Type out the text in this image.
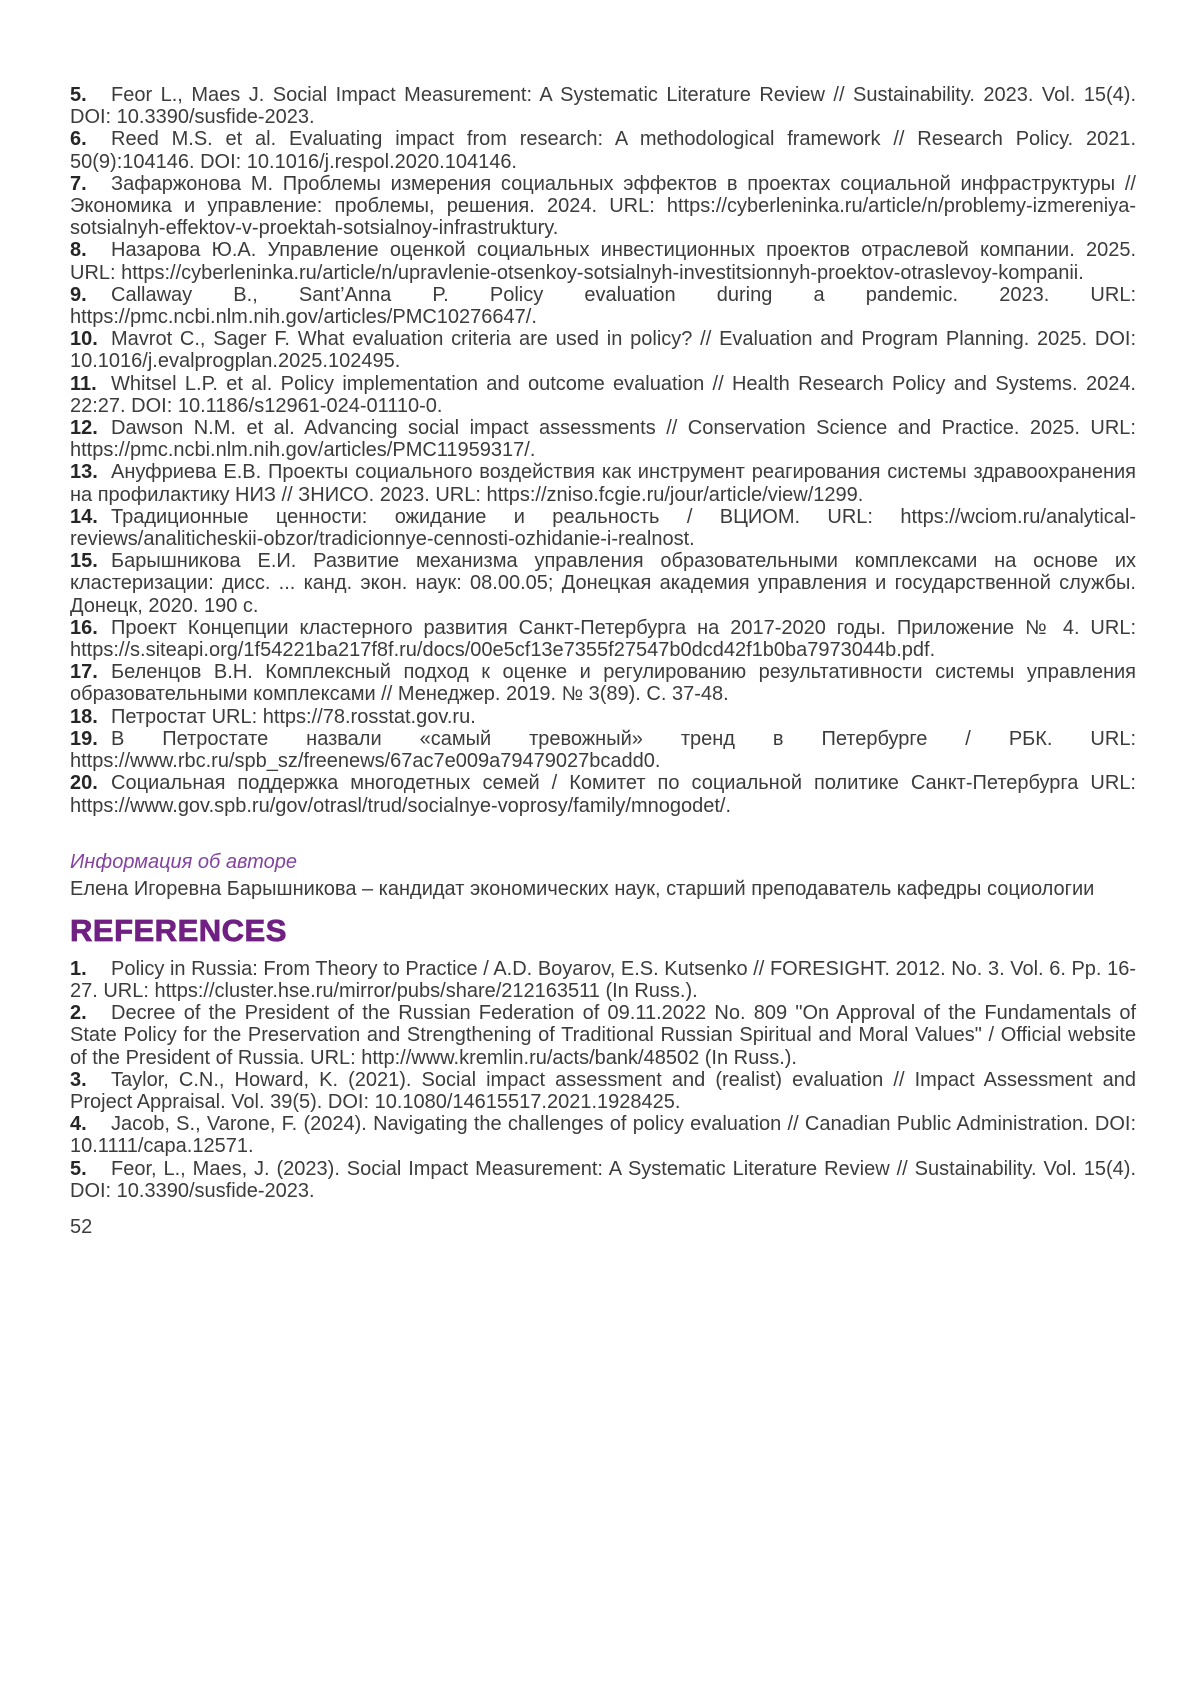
5. Feor L., Maes J. Social Impact Measurement: A Systematic Literature Review // Sustainability. 2023. Vol. 15(4). DOI: 10.3390/susfide-2023.

6. Reed M.S. et al. Evaluating impact from research: A methodological framework // Research Policy. 2021. 50(9):104146. DOI: 10.1016/j.respol.2020.104146.

7. Зафаржонова М. Проблемы измерения социальных эффектов в проектах социальной инфраструктуры // Экономика и управление: проблемы, решения. 2024. URL: https://cyberleninka.ru/article/n/problemy-izmereniya-sotsialnyh-effektov-v-proektah-sotsialnoy-infrastruktury.

8. Назарова Ю.А. Управление оценкой социальных инвестиционных проектов отраслевой компании. 2025. URL: https://cyberleninka.ru/article/n/upravlenie-otsenkoy-sotsialnyh-investitsionnyh-proektov-otraslevoy-kompanii.

9. Callaway B., Sant’Anna P. Policy evaluation during a pandemic. 2023. URL: https://pmc.ncbi.nlm.nih.gov/articles/PMC10276647/.

10. Mavrot C., Sager F. What evaluation criteria are used in policy? // Evaluation and Program Planning. 2025. DOI: 10.1016/j.evalprogplan.2025.102495.

11. Whitsel L.P. et al. Policy implementation and outcome evaluation // Health Research Policy and Systems. 2024. 22:27. DOI: 10.1186/s12961-024-01110-0.

12. Dawson N.M. et al. Advancing social impact assessments // Conservation Science and Practice. 2025. URL: https://pmc.ncbi.nlm.nih.gov/articles/PMC11959317/.

13. Ануфриева Е.В. Проекты социального воздействия как инструмент реагирования системы здравоохранения на профилактику НИЗ // ЗНИСО. 2023. URL: https://zniso.fcgie.ru/jour/article/view/1299.

14. Традиционные ценности: ожидание и реальность / ВЦИОМ. URL: https://wciom.ru/analytical-reviews/analiticheskii-obzor/tradicionnye-cennosti-ozhidanie-i-realnost.

15. Барышникова Е.И. Развитие механизма управления образовательными комплексами на основе их кластеризации: дисс. ... канд. экон. наук: 08.00.05; Донецкая академия управления и государственной службы. Донецк, 2020. 190 с.

16. Проект Концепции кластерного развития Санкт-Петербурга на 2017-2020 годы. Приложение № 4. URL: https://s.siteapi.org/1f54221ba217f8f.ru/docs/00e5cf13e7355f27547b0dcd42f1b0ba7973044b.pdf.

17. Беленцов В.Н. Комплексный подход к оценке и регулированию результативности системы управления образовательными комплексами // Менеджер. 2019. № 3(89). С. 37-48.

18. Петростат URL: https://78.rosstat.gov.ru.

19. В Петростате назвали «самый тревожный» тренд в Петербурге / РБК. URL: https://www.rbc.ru/spb_sz/freenews/67ac7e009a79479027bcadd0.

20. Социальная поддержка многодетных семей / Комитет по социальной политике Санкт-Петербурга URL: https://www.gov.spb.ru/gov/otrasl/trud/socialnye-voprosy/family/mnogodet/.

Информация об авторе

Елена Игоревна Барышникова – кандидат экономических наук, старший преподаватель кафедры социологии

REFERENCES

1. Policy in Russia: From Theory to Practice / A.D. Boyarov, E.S. Kutsenko // FORESIGHT. 2012. No. 3. Vol. 6. Pp. 16-27. URL: https://cluster.hse.ru/mirror/pubs/share/212163511 (In Russ.).

2. Decree of the President of the Russian Federation of 09.11.2022 No. 809 "On Approval of the Fundamentals of State Policy for the Preservation and Strengthening of Traditional Russian Spiritual and Moral Values" / Official website of the President of Russia. URL: http://www.kremlin.ru/acts/bank/48502 (In Russ.).

3. Taylor, C.N., Howard, K. (2021). Social impact assessment and (realist) evaluation // Impact Assessment and Project Appraisal. Vol. 39(5). DOI: 10.1080/14615517.2021.1928425.

4. Jacob, S., Varone, F. (2024). Navigating the challenges of policy evaluation // Canadian Public Administration. DOI: 10.1111/capa.12571.

5. Feor, L., Maes, J. (2023). Social Impact Measurement: A Systematic Literature Review // Sustainability. Vol. 15(4). DOI: 10.3390/susfide-2023.

52
